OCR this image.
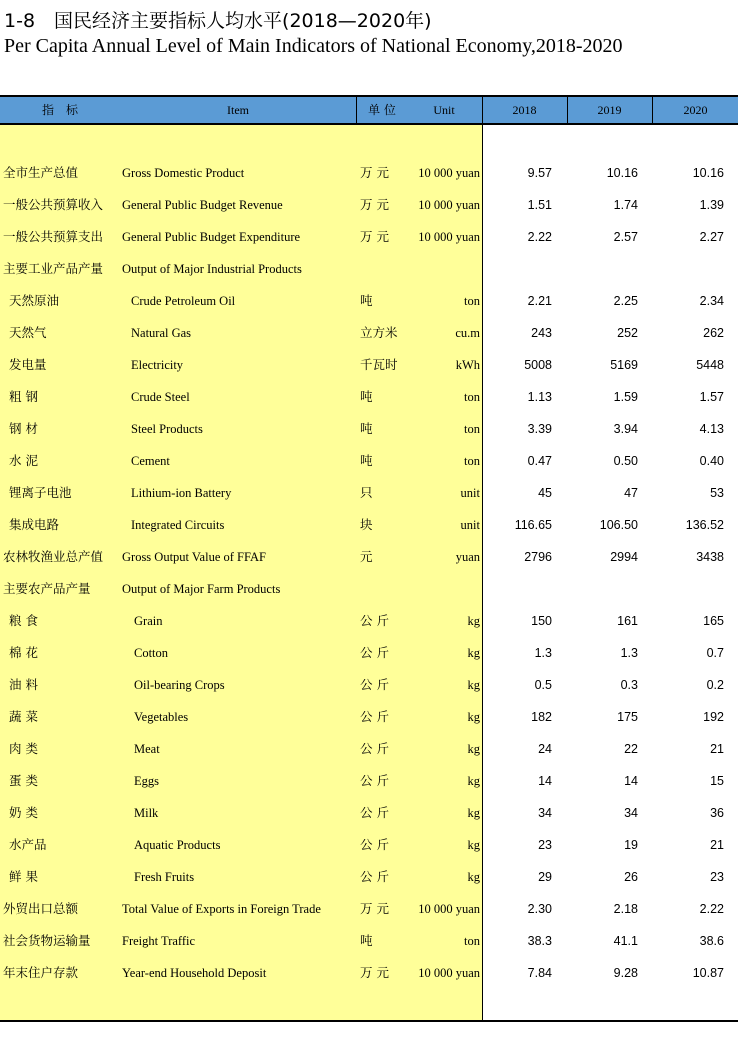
1-8　国民经济主要指标人均水平(2018—2020年)
Per Capita Annual Level of Main Indicators of National Economy,2018-2020
指　标	Item	单 位	Unit	2018	2019	2020
全市生产总值	Gross Domestic Product	万 元 10 000 yuan	9.57	10.16	10.16
一般公共预算收入 General Public Budget Revenue	万 元 10 000 yuan	1.51	1.74	1.39
一般公共预算支出 General Public Budget Expenditure	万 元 10 000 yuan	2.22	2.57	2.27
主要工业产品产量 Output of Major Industrial Products
天然原油	Crude Petroleum Oil	吨	ton	2.21	2.25	2.34
天然气	Natural Gas	立方米	cu.m	243	252	262
发电量	Electricity	千瓦时	kWh	5008	5169	5448
粗 钢	Crude Steel	吨	ton	1.13	1.59	1.57
钢 材	Steel Products	吨	ton	3.39	3.94	4.13
水 泥	Cement	吨	ton	0.47	0.50	0.40
锂离子电池	Lithium-ion Battery	只	unit	45	47	53
集成电路	Integrated Circuits	块	unit	116.65	106.50	136.52
农林牧渔业总产值 Gross Output Value of FFAF	元	yuan	2796	2994	3438
主要农产品产量	Output of Major Farm Products
粮 食	Grain	公 斤	kg	150	161	165
棉 花	Cotton	公 斤	kg	1.3	1.3	0.7
油 料	Oil-bearing Crops	公 斤	kg	0.5	0.3	0.2
蔬 菜	Vegetables	公 斤	kg	182	175	192
肉 类	Meat	公 斤	kg	24	22	21
蛋 类	Eggs	公 斤	kg	14	14	15
奶 类	Milk	公 斤	kg	34	34	36
水产品	Aquatic Products	公 斤	kg	23	19	21
鲜 果	Fresh Fruits	公 斤	kg	29	26	23
外贸出口总额	Total Value of Exports in Foreign Trade	万 元 10 000 yuan	2.30	2.18	2.22
社会货物运输量	Freight Traffic	吨	ton	38.3	41.1	38.6
年末住户存款	Year-end Household Deposit	万 元 10 000 yuan	7.84	9.28	10.87
